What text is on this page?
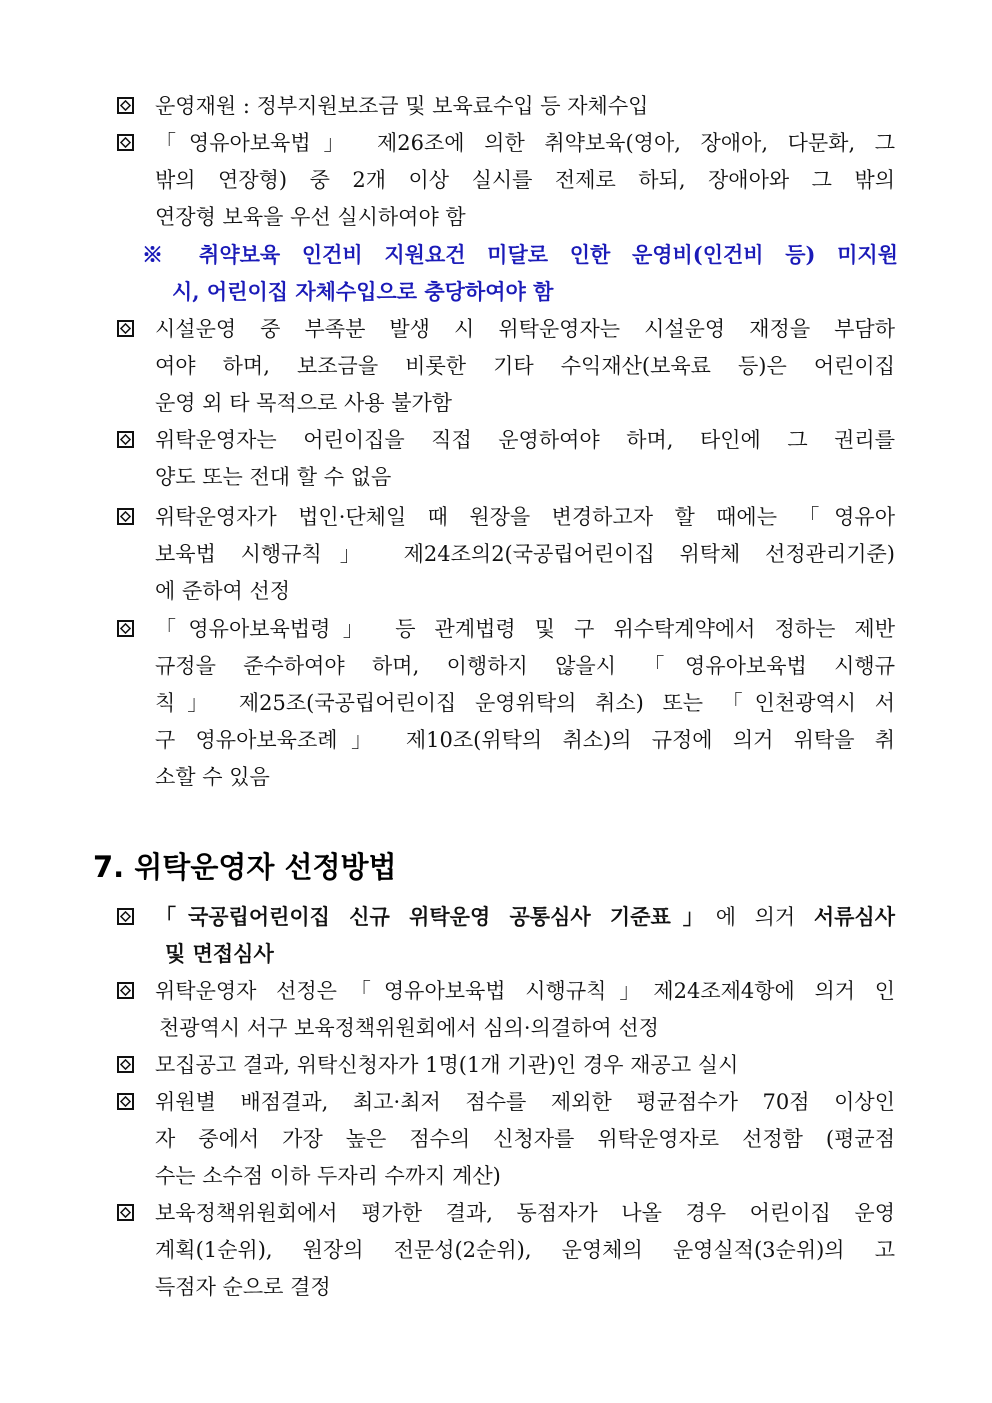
운영재원 : 정부지원보조금 및 보육료수입 등 자체수입
「영유아보육법」 제26조에 의한 취약보육(영아, 장애아, 다문화, 그
밖의 연장형) 중 2개 이상 실시를 전제로 하되, 장애아와 그 밖의
연장형 보육을 우선 실시하여야 함
※ 취약보육 인건비 지원요건 미달로 인한 운영비(인건비 등) 미지원
시, 어린이집 자체수입으로 충당하여야 함
시설운영 중 부족분 발생 시 위탁운영자는 시설운영 재정을 부담하
여야 하며, 보조금을 비롯한 기타 수익재산(보육료 등)은 어린이집
운영 외 타 목적으로 사용 불가함
위탁운영자는 어린이집을 직접 운영하여야 하며, 타인에 그 권리를
양도 또는 전대 할 수 없음
위탁운영자가 법인·단체일 때 원장을 변경하고자 할 때에는 「영유아
보육법 시행규칙」 제24조의2(국공립어린이집 위탁체 선정관리기준)
에 준하여 선정
「영유아보육법령」 등 관계법령 및 구 위수탁계약에서 정하는 제반
규정을 준수하여야 하며, 이행하지 않을시 「영유아보육법 시행규
칙」 제25조(국공립어린이집 운영위탁의 취소) 또는 「인천광역시 서
구 영유아보육조례」 제10조(위탁의 취소)의 규정에 의거 위탁을 취
소할 수 있음
7. 위탁운영자 선정방법
「국공립어린이집 신규 위탁운영 공통심사 기준표」에 의거 서류심사
및 면접심사
위탁운영자 선정은「영유아보육법 시행규칙」제24조제4항에 의거 인
천광역시 서구 보육정책위원회에서 심의·의결하여 선정
모집공고 결과, 위탁신청자가 1명(1개 기관)인 경우 재공고 실시
위원별 배점결과, 최고·최저 점수를 제외한 평균점수가 70점 이상인
자 중에서 가장 높은 점수의 신청자를 위탁운영자로 선정함 (평균점
수는 소수점 이하 두자리 수까지 계산)
보육정책위원회에서 평가한 결과, 동점자가 나올 경우 어린이집 운영
계획(1순위), 원장의 전문성(2순위), 운영체의 운영실적(3순위)의 고
득점자 순으로 결정
